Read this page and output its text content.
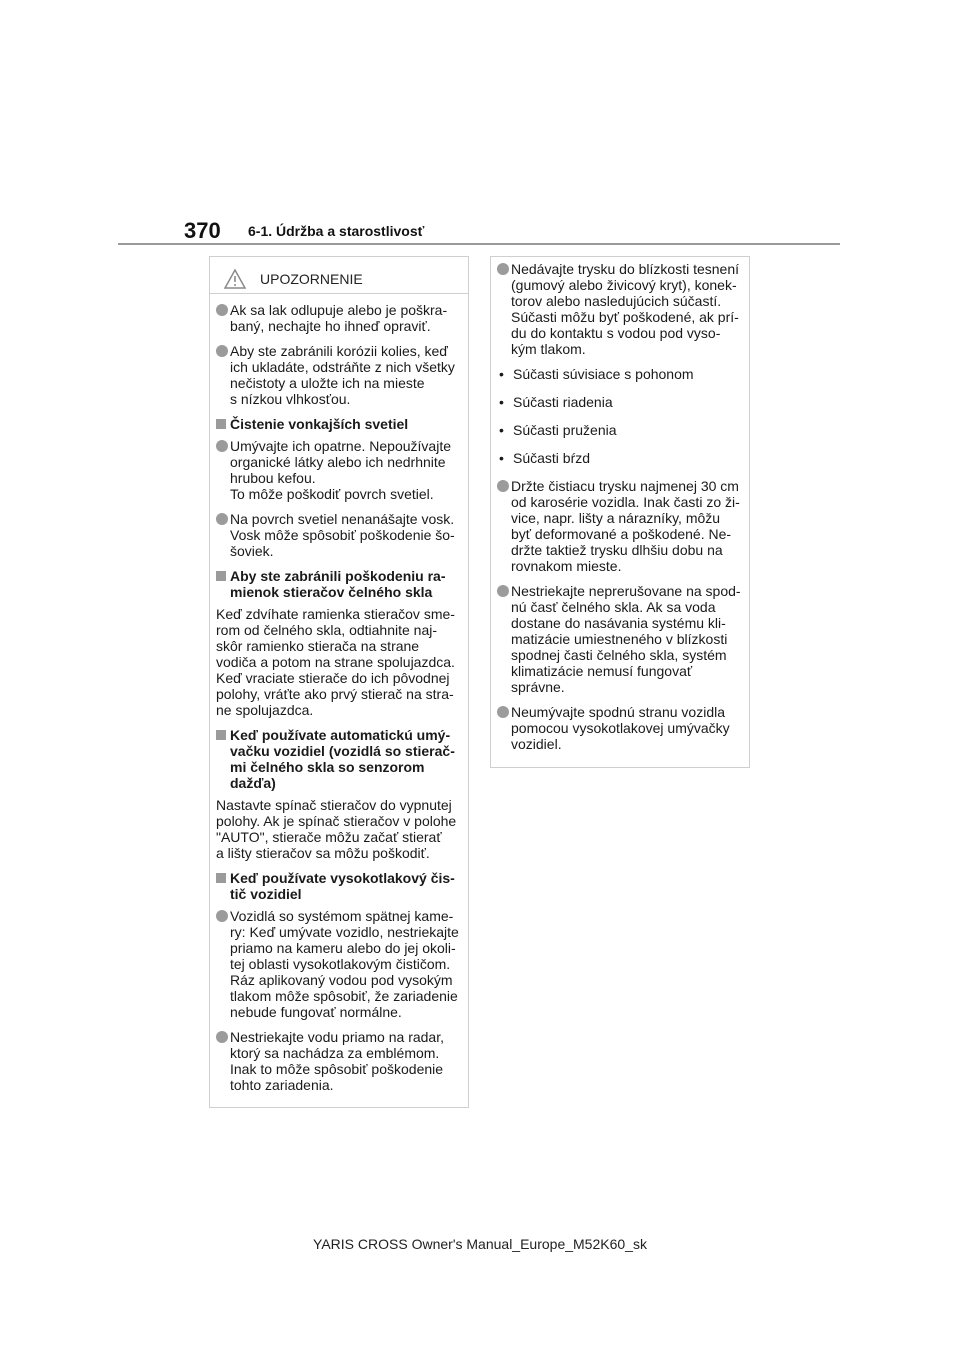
370 6-1. Údržba a starostlivosť
UPOZORNENIE
Ak sa lak odlupuje alebo je poškra-
baný, nechajte ho ihneď opraviť.
Aby ste zabránili korózii kolies, keď
ich ukladáte, odstráňte z nich všetky
nečistoty a uložte ich na mieste
s nízkou vlhkosťou.
Čistenie vonkajších svetiel
Umývajte ich opatrne. Nepoužívajte
organické látky alebo ich nedrhnite
hrubou kefou.
To môže poškodiť povrch svetiel.
Na povrch svetiel nenanášajte vosk.
Vosk môže spôsobiť poškodenie šo-
šoviek.
Aby ste zabránili poškodeniu ra-
mienok stieračov čelného skla
Keď zdvíhate ramienka stieračov sme-
rom od čelného skla, odtiahnite naj-
skôr ramienko stierača na strane
vodiča a potom na strane spolujazdca.
Keď vraciate stierače do ich pôvodnej
polohy, vráťte ako prvý stierač na stra-
ne spolujazdca.
Keď používate automatickú umý-
vačku vozidiel (vozidlá so stierač-
mi čelného skla so senzorom
dažďa)
Nastavte spínač stieračov do vypnutej
polohy. Ak je spínač stieračov v polohe
"AUTO", stierače môžu začať stierať
a lišty stieračov sa môžu poškodiť.
Keď používate vysokotlakový čis-
tič vozidiel
Vozidlá so systémom spätnej kame-
ry: Keď umývate vozidlo, nestriekajte
priamo na kameru alebo do jej okoli-
tej oblasti vysokotlakovým čističom.
Ráz aplikovaný vodou pod vysokým
tlakom môže spôsobiť, že zariadenie
nebude fungovať normálne.
Nestriekajte vodu priamo na radar,
ktorý sa nachádza za emblémom.
Inak to môže spôsobiť poškodenie
tohto zariadenia.
Nedávajte trysku do blízkosti tesnení
(gumový alebo živicový kryt), konek-
torov alebo nasledujúcich súčastí.
Súčasti môžu byť poškodené, ak prí-
du do kontaktu s vodou pod vyso-
kým tlakom.
• Súčasti súvisiace s pohonom
• Súčasti riadenia
• Súčasti pruženia
• Súčasti bŕzd
Držte čistiacu trysku najmenej 30 cm
od karosérie vozidla. Inak časti zo ži-
vice, napr. lišty a nárazníky, môžu
byť deformované a poškodené. Ne-
držte taktiež trysku dlhšiu dobu na
rovnakom mieste.
Nestriekajte neprerušovane na spod-
nú časť čelného skla. Ak sa voda
dostane do nasávania systému kli-
matizácie umiestneného v blízkosti
spodnej časti čelného skla, systém
klimatizácie nemusí fungovať
správne.
Neumývajte spodnú stranu vozidla
pomocou vysokotlakovej umývačky
vozidiel.
YARIS CROSS Owner's Manual_Europe_M52K60_sk
